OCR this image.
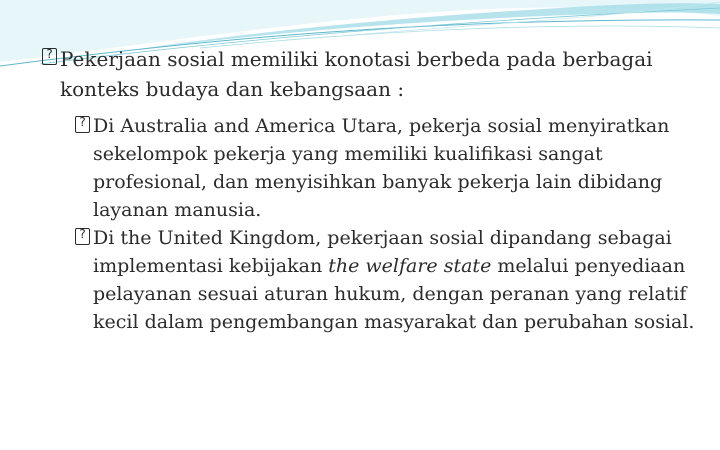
?
Pekerjaan sosial memiliki konotasi berbeda pada berbagai konteks budaya dan kebangsaan :
?
Di Australia and America Utara, pekerja sosial menyiratkan sekelompok pekerja yang memiliki kualifikasi sangat profesional, dan menyisihkan banyak pekerja lain dibidang layanan manusia.
?
Di the United Kingdom, pekerjaan sosial dipandang sebagai implementasi kebijakan the welfare state melalui penyediaan pelayanan sesuai aturan hukum, dengan peranan yang relatif kecil dalam pengembangan masyarakat dan perubahan sosial.
